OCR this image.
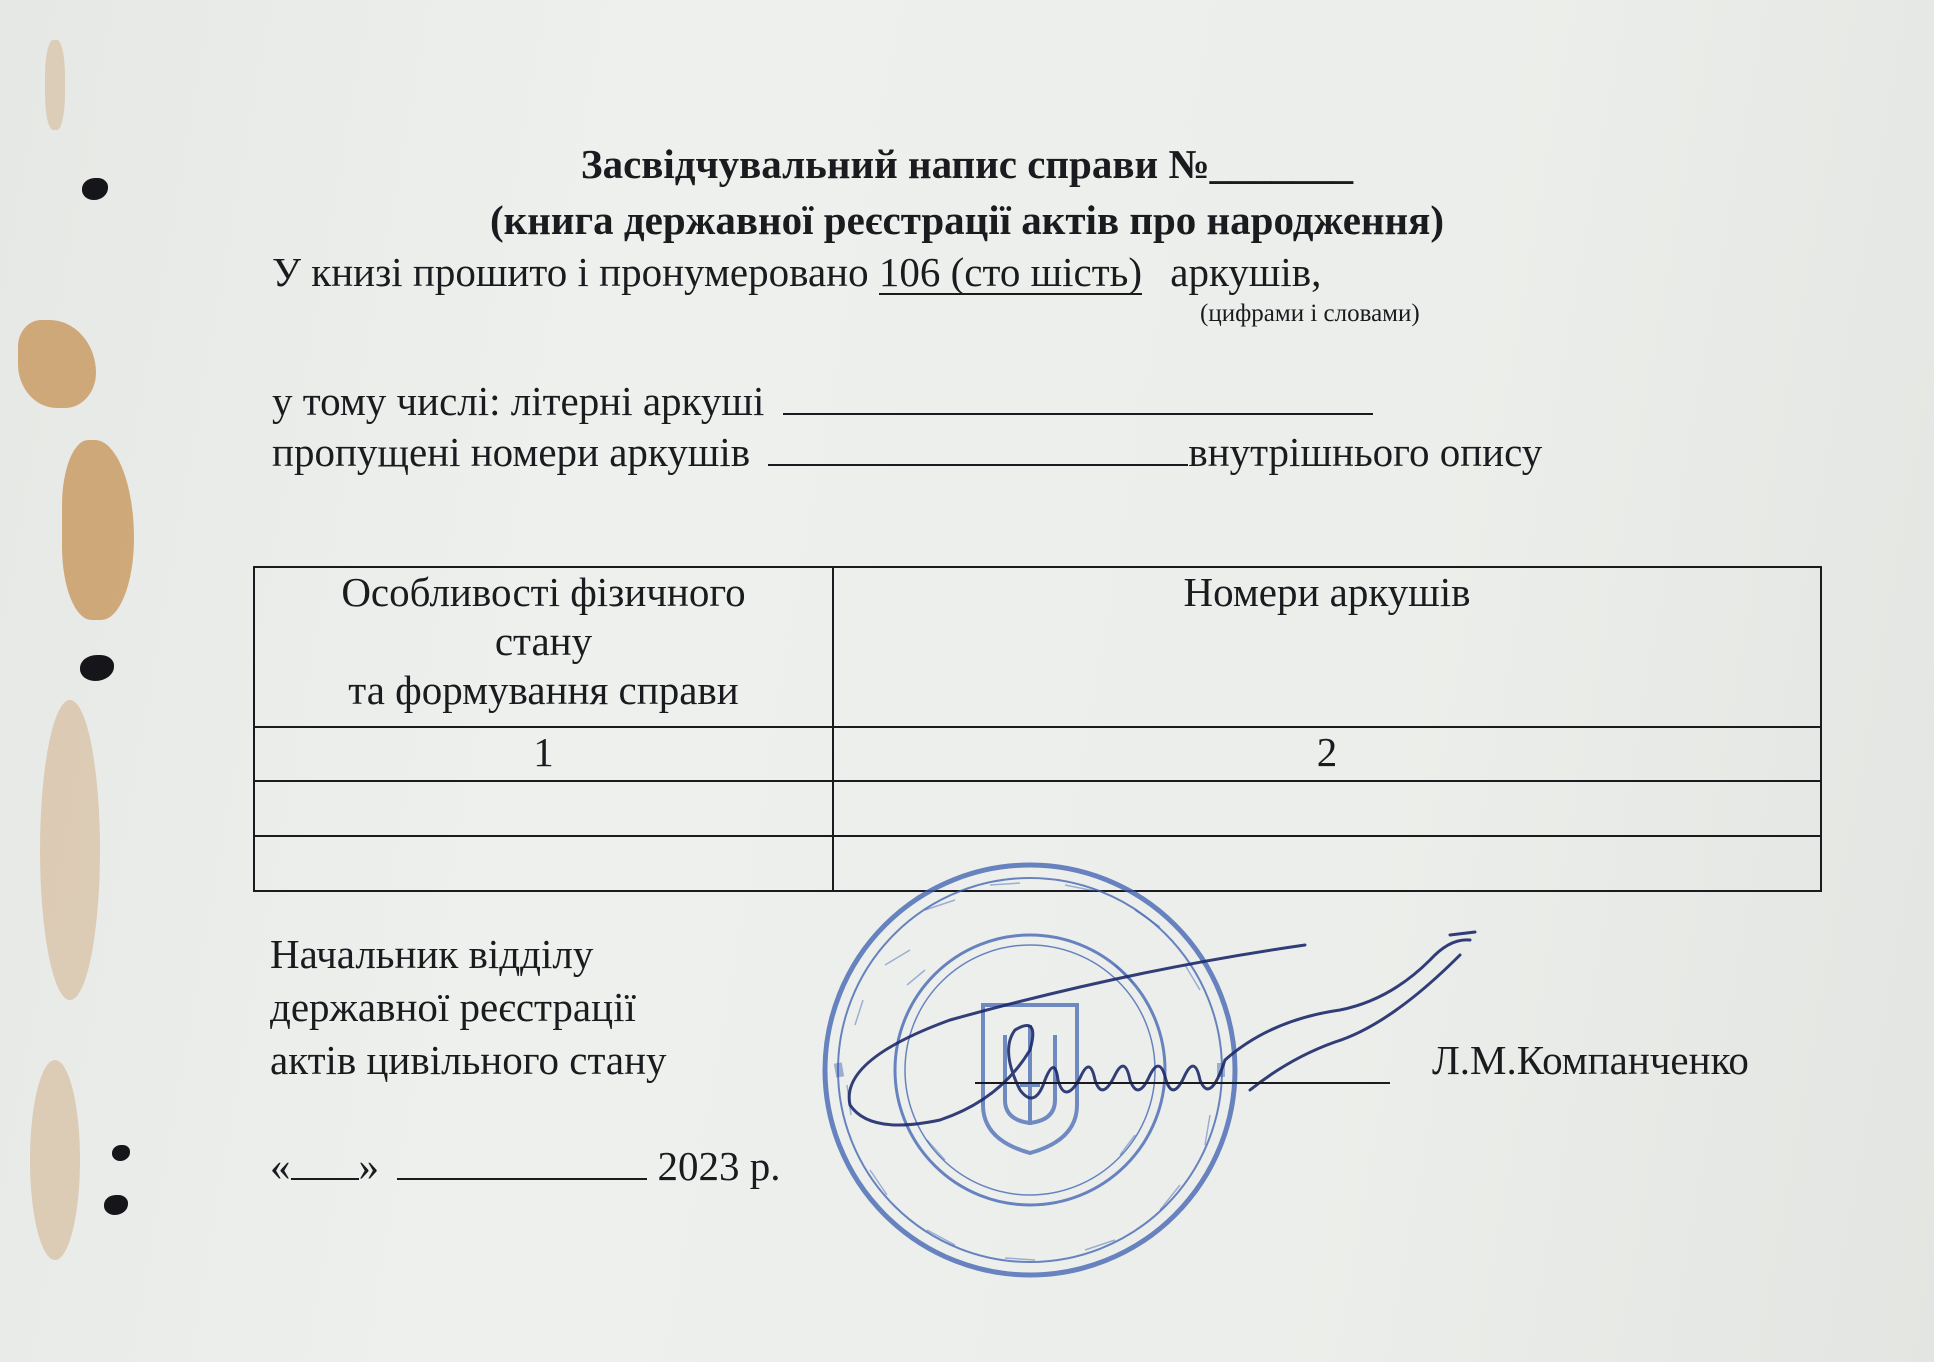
Засвідчувальний напис справи №_______
(книга державної реєстрації актів про народження)
У книзі прошито і пронумеровано 106 (сто шість) аркушів,
(цифрами і словами)
у тому числі: літерні аркуші
пропущені номери аркушів	внутрішнього опису
Особливості фізичного
стану
та формування справи	Номери аркушів
1	2

Начальник відділу
державної реєстрації
актів цивільного стану	Л.М.Компанченко
« »	2023 р.
